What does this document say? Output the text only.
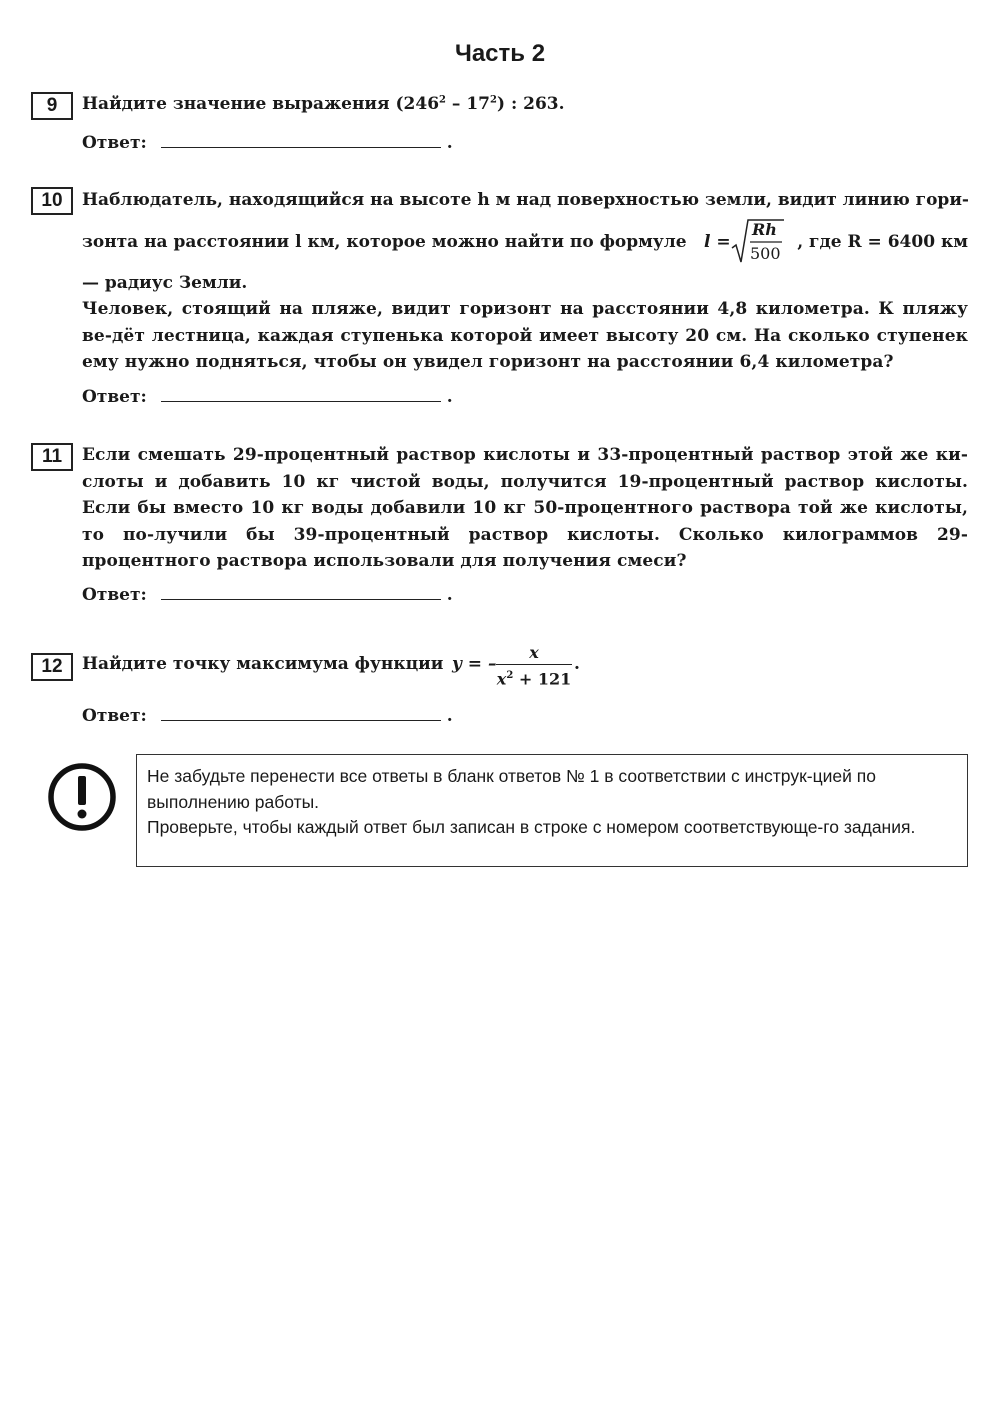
Часть 2
9	Найдите значение выражения $(246^2 - 17^2)$ : 263.
Ответ:	.
10	Наблюдатель, находящийся на высоте h м над поверхностью земли, видит линию гори-
зонта на расстоянии l км, которое можно найти по формуле l =
Rh
500
, где R = 6400 км
— радиус Земли.
Человек, стоящий на пляже, видит горизонт на расстоянии 4,8 километра. К пляжу ве-дёт лестница, каждая ступенька которой имеет высоту 20 см. На сколько ступенек ему нужно подняться, чтобы он увидел горизонт на расстоянии 6,4 километра?
Ответ:	.
11	Если смешать 29-процентный раствор кислоты и 33-процентный раствор этой же ки-слоты и добавить 10 кг чистой воды, получится 19-процентный раствор кислоты. Если бы вместо 10 кг воды добавили 10 кг 50-процентного раствора той же кислоты, то по-лучили бы 39-процентный раствор кислоты. Сколько килограммов 29-процентного раствора использовали для получения смеси?
Ответ:	.
12	Найдите точку максимума функции y = –
x
$x^2 + 121$
.
Ответ:	.
Не забудьте перенести все ответы в бланк ответов № 1 в соответствии с инструк-цией по выполнению работы.
Проверьте, чтобы каждый ответ был записан в строке с номером соответствующе-го задания.
